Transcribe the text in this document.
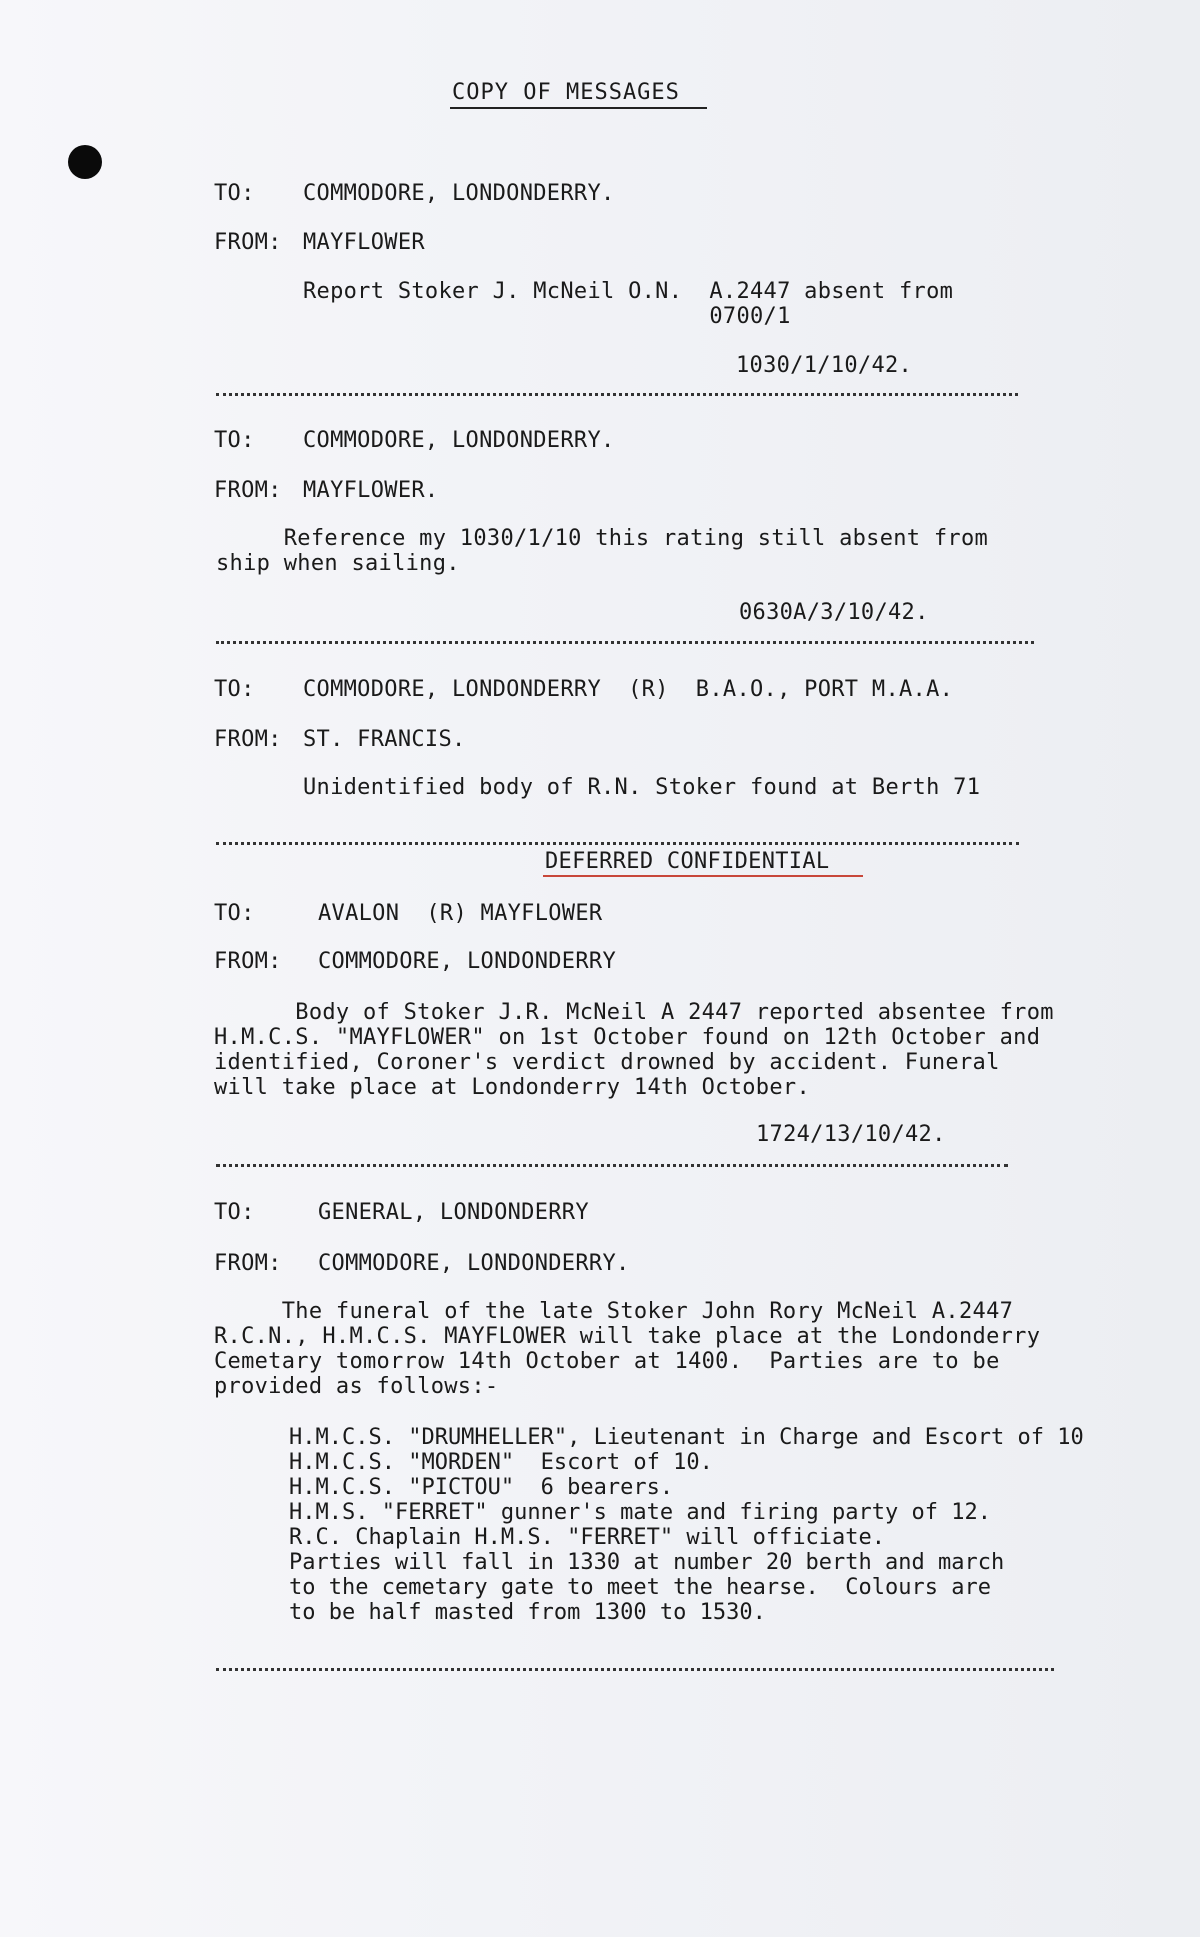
COPY OF MESSAGES
TO: COMMODORE, LONDONDERRY.
FROM: MAYFLOWER
Report Stoker J. McNeil O.N.  A.2447 absent from
0700/1
1030/1/10/42.
TO: COMMODORE, LONDONDERRY.
FROM: MAYFLOWER.
Reference my 1030/1/10 this rating still absent from
ship when sailing.
0630A/3/10/42.
TO: COMMODORE, LONDONDERRY  (R)  B.A.O., PORT M.A.A.
FROM: ST. FRANCIS.
Unidentified body of R.N. Stoker found at Berth 71
DEFERRED CONFIDENTIAL
TO:	AVALON  (R) MAYFLOWER
FROM: COMMODORE, LONDONDERRY
Body of Stoker J.R. McNeil A 2447 reported absentee from
H.M.C.S. "MAYFLOWER" on 1st October found on 12th October and
identified, Coroner's verdict drowned by accident. Funeral
will take place at Londonderry 14th October.
1724/13/10/42.
TO:	GENERAL, LONDONDERRY
FROM: COMMODORE, LONDONDERRY.
The funeral of the late Stoker John Rory McNeil A.2447
R.C.N., H.M.C.S. MAYFLOWER will take place at the Londonderry
Cemetary tomorrow 14th October at 1400.  Parties are to be
provided as follows:-
H.M.C.S. "DRUMHELLER", Lieutenant in Charge and Escort of 10
H.M.C.S. "MORDEN"  Escort of 10.
H.M.C.S. "PICTOU"  6 bearers.
H.M.S. "FERRET" gunner's mate and firing party of 12.
R.C. Chaplain H.M.S. "FERRET" will officiate.
Parties will fall in 1330 at number 20 berth and march
to the cemetary gate to meet the hearse.  Colours are
to be half masted from 1300 to 1530.
